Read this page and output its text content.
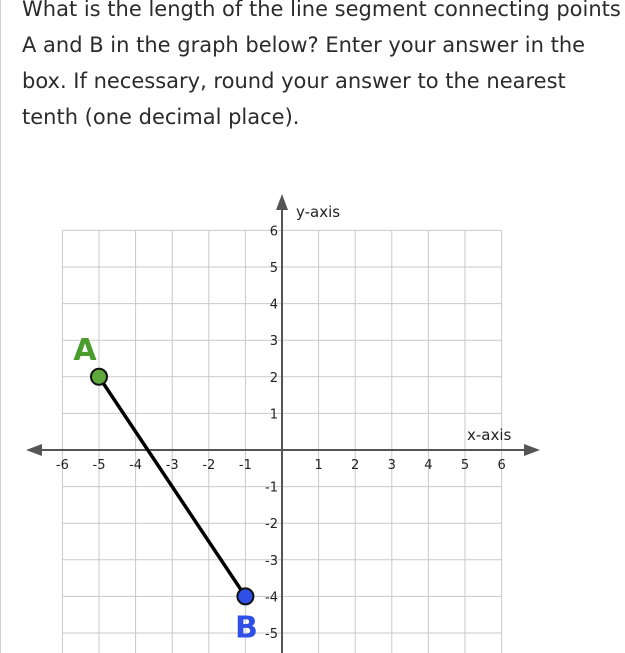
What is the length of the line segment connecting points A and B in the graph below? Enter your answer in the box. If necessary, round your answer to the nearest tenth (one decimal place).

y-axis
x-axis
-6 -5 -4 -3 -2 -1	1 2 3 4 5 6
-5
-4
-3
-2
-1
1
2
3
4
5
6
A
B
